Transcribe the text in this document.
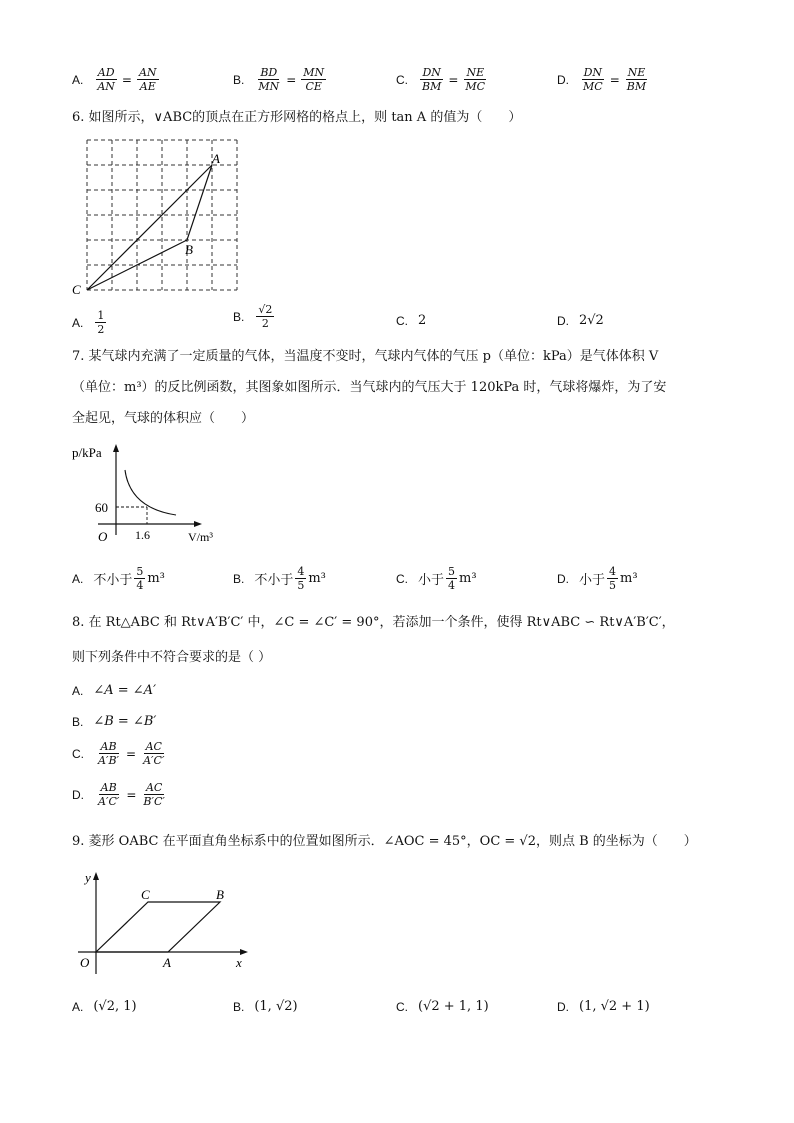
A. $\frac{AD}{AN} = \frac{AN}{AE}$	B. $\frac{BD}{MN} = \frac{MN}{CE}$	C. $\frac{DN}{BM} = \frac{NE}{MC}$	D. $\frac{DN}{MC} = \frac{NE}{BM}$
6. 如图所示，∨ABC的顶点在正方形网格的格点上，则 tan A 的值为（　　）
A
B
C
A. $\frac{1}{2}$	B. $\frac{√2}{2}$	C. 2	D. 2√2
7. 某气球内充满了一定质量的气体，当温度不变时，气球内气体的气压 p（单位：kPa）是气体体积 V
（单位：m³）的反比例函数，其图象如图所示．当气球内的气压大于 120kPa 时，气球将爆炸，为了安
全起见，气球的体积应（　　）
p/kPa
60
O 1.6	V/m³
A. 不小于 $\frac{5}{4} m^3$	B. 不小于 $\frac{4}{5} m^3$	C. 小于 $\frac{5}{4} m^3$	D. 小于 $\frac{4}{5} m^3$
8. 在 Rt△ABC 和 Rt∨A′B′C′ 中，∠C = ∠C′ = 90°，若添加一个条件，使得 Rt∨ABC ∽ Rt∨A′B′C′，
则下列条件中不符合要求的是（ ）
A. ∠A = ∠A′
B. ∠B = ∠B′
C. $\frac{AB}{A'B'} = \frac{AC}{A'C'}$
D. $\frac{AB}{A'C'} = \frac{AC}{B'C'}$
9. 菱形 OABC 在平面直角坐标系中的位置如图所示．∠AOC = 45°，OC = √2，则点 B 的坐标为（　　）
y
x
O	A
B
C
A. (√2, 1)	B. (1, √2)	C. (√2 + 1, 1)	D. (1, √2 + 1)
